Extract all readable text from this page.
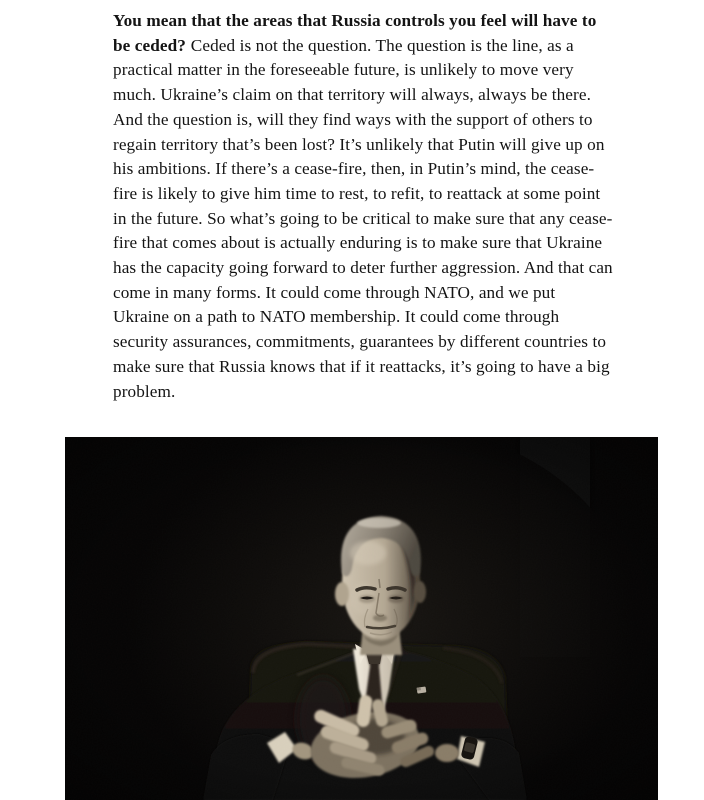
You mean that the areas that Russia controls you feel will have to be ceded? Ceded is not the question. The question is the line, as a practical matter in the foreseeable future, is unlikely to move very much. Ukraine’s claim on that territory will always, always be there. And the question is, will they find ways with the support of others to regain territory that’s been lost? It’s unlikely that Putin will give up on his ambitions. If there’s a cease-fire, then, in Putin’s mind, the cease-fire is likely to give him time to rest, to refit, to reattack at some point in the future. So what’s going to be critical to make sure that any cease-fire that comes about is actually enduring is to make sure that Ukraine has the capacity going forward to deter further aggression. And that can come in many forms. It could come through NATO, and we put Ukraine on a path to NATO membership. It could come through security assurances, commitments, guarantees by different countries to make sure that Russia knows that if it reattacks, it’s going to have a big problem.
